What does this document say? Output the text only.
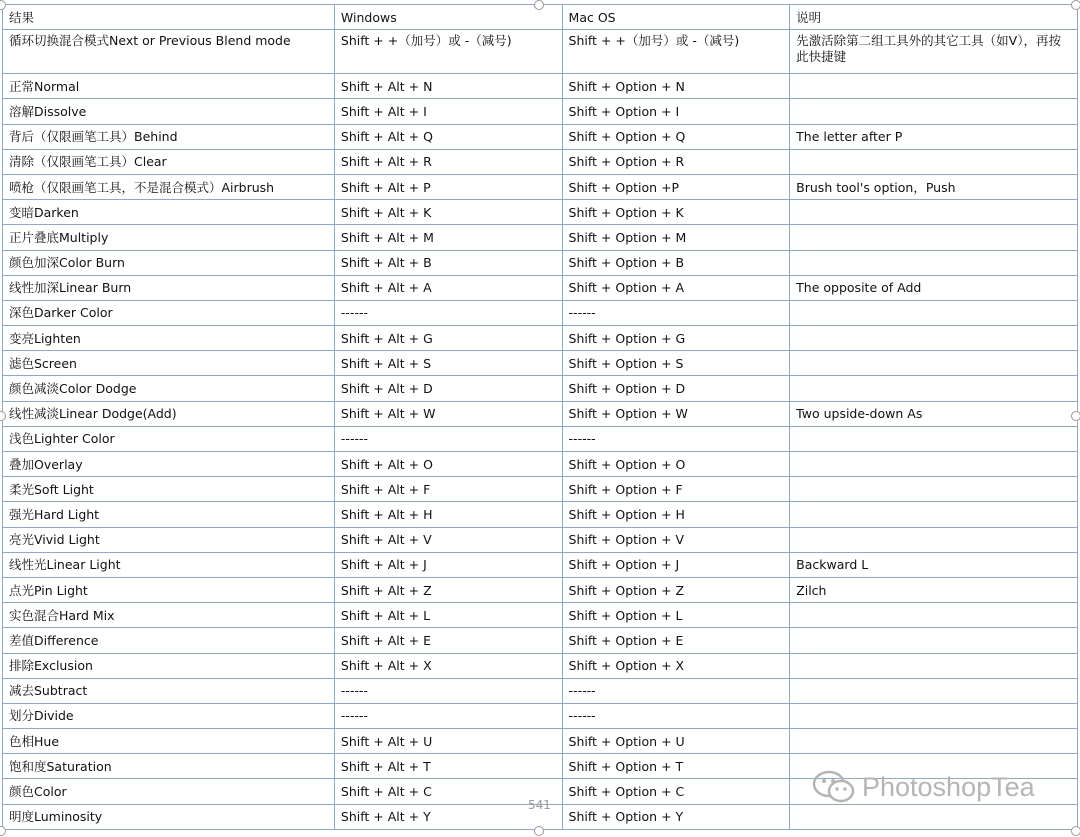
结果	Windows	Mac OS	说明
循环切换混合模式Next or Previous Blend mode	Shift + +（加号）或 -（减号)	Shift + +（加号）或 -（减号)	先激活除第二组工具外的其它工具（如V），再按此快捷键
正常Normal	Shift + Alt + N	Shift + Option + N	
溶解Dissolve	Shift + Alt + I	Shift + Option + I	
背后（仅限画笔工具）Behind	Shift + Alt + Q	Shift + Option + Q	The letter after P
清除（仅限画笔工具）Clear	Shift + Alt + R	Shift + Option + R	
喷枪（仅限画笔工具，不是混合模式）Airbrush	Shift + Alt + P	Shift + Option +P	Brush tool's option，Push
变暗Darken	Shift + Alt + K	Shift + Option + K	
正片叠底Multiply	Shift + Alt + M	Shift + Option + M	
颜色加深Color Burn	Shift + Alt + B	Shift + Option + B	
线性加深Linear Burn	Shift + Alt + A	Shift + Option + A	The opposite of Add
深色Darker Color	------	------	
变亮Lighten	Shift + Alt + G	Shift + Option + G	
滤色Screen	Shift + Alt + S	Shift + Option + S	
颜色减淡Color Dodge	Shift + Alt + D	Shift + Option + D	
线性减淡Linear Dodge(Add)	Shift + Alt + W	Shift + Option + W	Two upside-down As
浅色Lighter Color	------	------	
叠加Overlay	Shift + Alt + O	Shift + Option + O	
柔光Soft Light	Shift + Alt + F	Shift + Option + F	
强光Hard Light	Shift + Alt + H	Shift + Option + H	
亮光Vivid Light	Shift + Alt + V	Shift + Option + V	
线性光Linear Light	Shift + Alt + J	Shift + Option + J	Backward L
点光Pin Light	Shift + Alt + Z	Shift + Option + Z	Zilch
实色混合Hard Mix	Shift + Alt + L	Shift + Option + L	
差值Difference	Shift + Alt + E	Shift + Option + E	
排除Exclusion	Shift + Alt + X	Shift + Option + X	
减去Subtract	------	------	
划分Divide	------	------	
色相Hue	Shift + Alt + U	Shift + Option + U	
饱和度Saturation	Shift + Alt + T	Shift + Option + T	
颜色Color	Shift + Alt + C	Shift + Option + C	
明度Luminosity	Shift + Alt + Y	Shift + Option + Y	
541
PhotoshopTea
